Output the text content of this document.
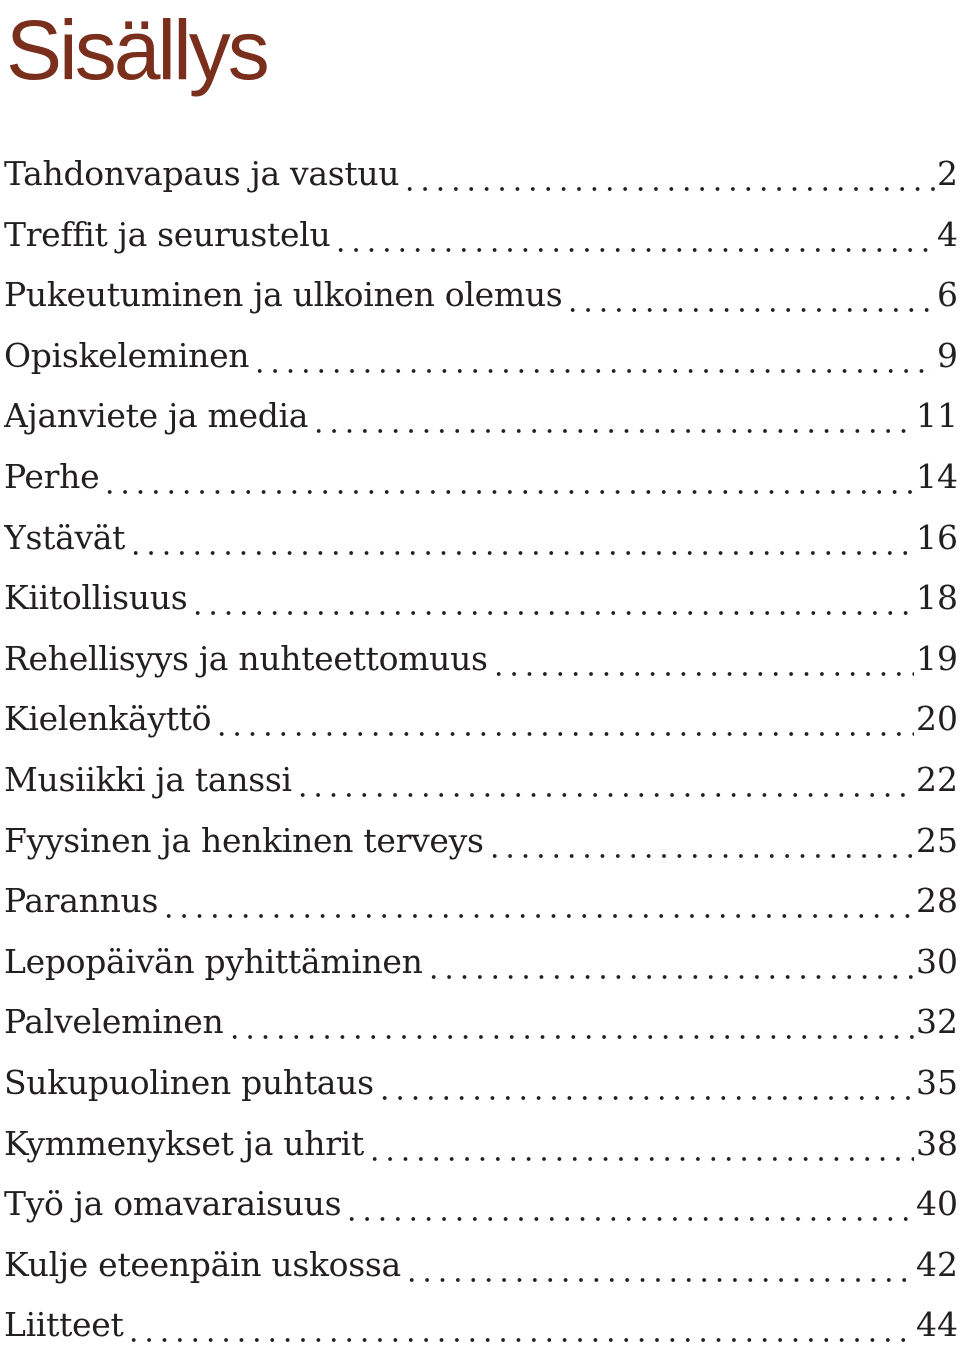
Sisällys
Tahdonvapaus ja vastuu	2
Treffit ja seurustelu	4
Pukeutuminen ja ulkoinen olemus	6
Opiskeleminen	9
Ajanviete ja media	11
Perhe	14
Ystävät	16
Kiitollisuus	18
Rehellisyys ja nuhteettomuus	19
Kielenkäyttö	20
Musiikki ja tanssi	22
Fyysinen ja henkinen terveys	25
Parannus	28
Lepopäivän pyhittäminen	30
Palveleminen	32
Sukupuolinen puhtaus	35
Kymmenykset ja uhrit	38
Työ ja omavaraisuus	40
Kulje eteenpäin uskossa	42
Liitteet	44
